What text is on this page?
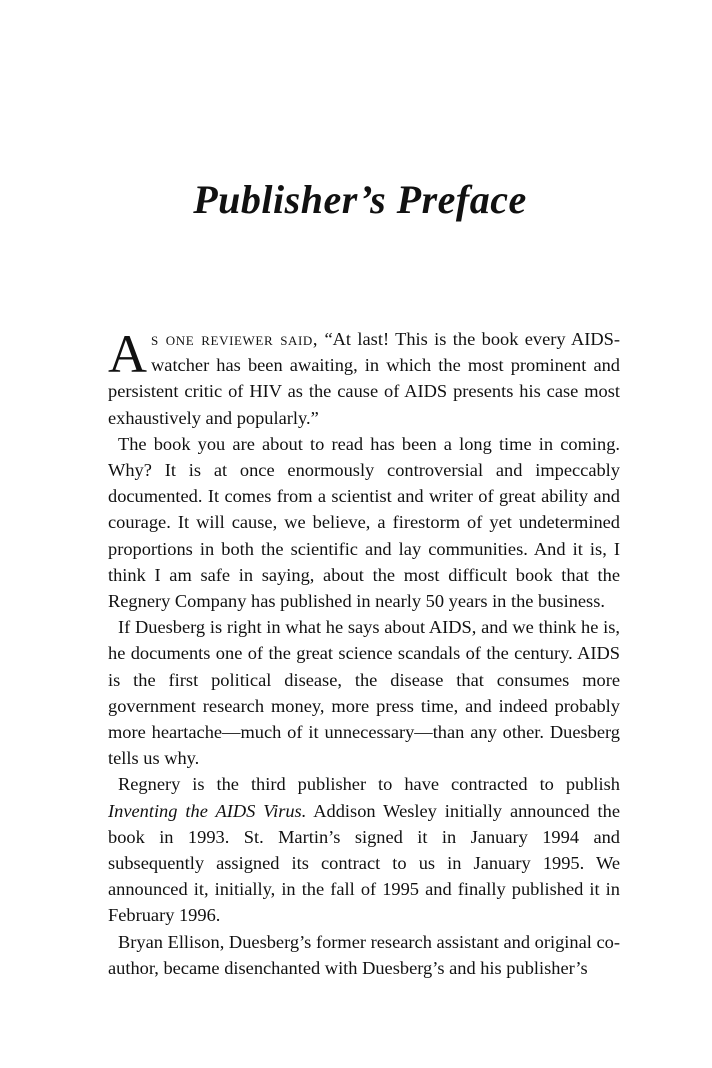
Publisher’s Preface

As one reviewer said, “At last! This is the book every AIDS-watcher has been awaiting, in which the most prominent and persistent critic of HIV as the cause of AIDS presents his case most exhaustively and popularly.”

The book you are about to read has been a long time in coming. Why? It is at once enormously controversial and impeccably documented. It comes from a scientist and writer of great ability and courage. It will cause, we believe, a firestorm of yet undetermined proportions in both the scientific and lay communities. And it is, I think I am safe in saying, about the most difficult book that the Regnery Company has published in nearly 50 years in the business.

If Duesberg is right in what he says about AIDS, and we think he is, he documents one of the great science scandals of the century. AIDS is the first political disease, the disease that consumes more government research money, more press time, and indeed probably more heartache—much of it unnecessary—than any other. Duesberg tells us why.

Regnery is the third publisher to have contracted to publish Inventing the AIDS Virus. Addison Wesley initially announced the book in 1993. St. Martin’s signed it in January 1994 and subsequently assigned its contract to us in January 1995. We announced it, initially, in the fall of 1995 and finally published it in February 1996.

Bryan Ellison, Duesberg’s former research assistant and original co-author, became disenchanted with Duesberg’s and his publisher’s
